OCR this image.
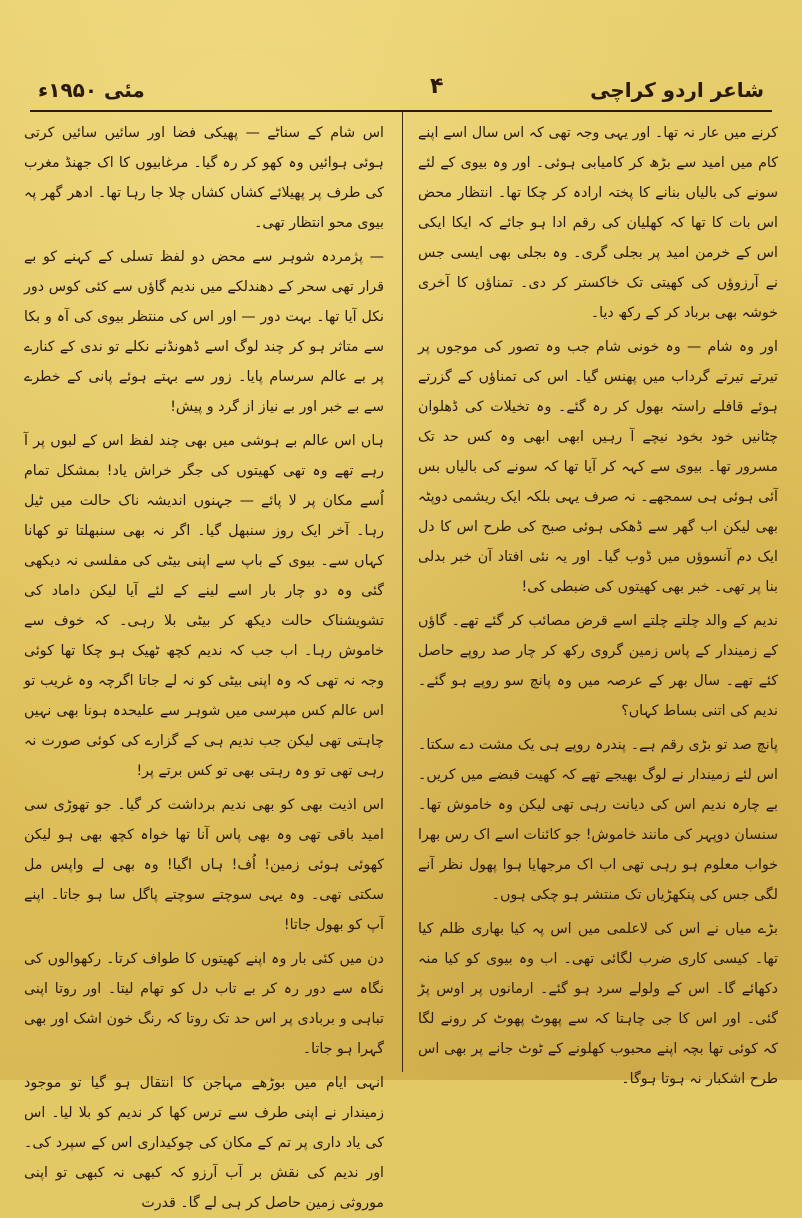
مئی ۱۹۵۰ء	۴	شاعر اردو کراچی

کرنے میں عار نہ تھا۔ اور یہی وجہ تھی کہ اس سال اسے اپنے کام میں امید سے بڑھ کر کامیابی ہوئی۔ اور وہ بیوی کے لئے سونے کی بالیاں بنانے کا پختہ ارادہ کر چکا تھا۔ انتظار محض اس بات کا تھا کہ کھلیان کی رقم ادا ہو جائے کہ ایکا ایکی اس کے خرمن امید پر بجلی گری۔ وہ بجلی بھی ایسی جس نے آرزوؤں کی کھیتی تک خاکستر کر دی۔ تمناؤں کا آخری خوشہ بھی برباد کر کے رکھ دیا۔

اور وہ شام — وہ خونی شام جب وہ تصور کی موجوں پر تیرتے تیرتے گرداب میں پھنس گیا۔ اس کی تمناؤں کے گزرتے ہوئے قافلے راستہ بھول کر رہ گئے۔ وہ تخیلات کی ڈھلوان چٹانیں خود بخود نیچے آ رہیں ابھی ابھی وہ کس حد تک مسرور تھا۔ بیوی سے کہہ کر آیا تھا کہ سونے کی بالیاں بس آئی ہوئی ہی سمجھے۔ نہ صرف یہی بلکہ ایک ریشمی دوپٹہ بھی لیکن اب گھر سے ڈھکی ہوئی صبح کی طرح اس کا دل ایک دم آنسوؤں میں ڈوب گیا۔ اور یہ نئی افتاد آن خبر بدلی بنا پر تھی۔ خبر بھی کھیتوں کی ضبطی کی!

ندیم کے والد چلتے چلتے اسے قرض مصائب کر گئے تھے۔ گاؤں کے زمیندار کے پاس زمین گروی رکھ کر چار صد روپے حاصل کئے تھے۔ سال بھر کے عرصہ میں وہ پانچ سو روپے ہو گئے۔ ندیم کی اتنی بساط کہاں؟

پانچ صد تو بڑی رقم ہے۔ پندرہ روپے ہی یک مشت دے سکتا۔ اس لئے زمیندار نے لوگ بھیجے تھے کہ کھیت قبضے میں کریں۔ بے چارہ ندیم اس کی دیانت رہی تھی لیکن وہ خاموش تھا۔ سنسان دوپہر کی مانند خاموش! جو کائنات اسے اک رس بھرا خواب معلوم ہو رہی تھی اب اک مرجھایا ہوا پھول نظر آنے لگی جس کی پنکھڑیاں تک منتشر ہو چکی ہوں۔

بڑے میاں نے اس کی لاعلمی میں اس پہ کیا بھاری ظلم کیا تھا۔ کیسی کاری ضرب لگائی تھی۔ اب وہ بیوی کو کیا منہ دکھائے گا۔ اس کے ولولے سرد ہو گئے۔ ارمانوں پر اوس پڑ گئی۔ اور اس کا جی چاہتا کہ سے پھوٹ پھوٹ کر رونے لگا کہ کوئی تھا بچہ اپنے محبوب کھلونے کے ٹوٹ جانے پر بھی اس طرح اشکبار نہ ہوتا ہوگا۔

اس شام کے سناٹے — پھیکی فضا اور سائیں سائیں کرتی ہوئی ہوائیں وہ کھو کر رہ گیا۔ مرغابیوں کا اک جھنڈ مغرب کی طرف پر پھیلائے کشاں کشاں چلا جا رہا تھا۔ ادھر گھر پہ بیوی محو انتظار تھی۔

— پژمردہ شوہر سے محض دو لفظ تسلی کے کہنے کو بے قرار تھی سحر کے دھندلکے میں ندیم گاؤں سے کئی کوس دور نکل آیا تھا۔ بہت دور — اور اس کی منتظر بیوی کی آہ و بکا سے متاثر ہو کر چند لوگ اسے ڈھونڈنے نکلے تو ندی کے کنارے پر بے عالم سرسام پایا۔ زور سے بہتے ہوئے پانی کے خطرے سے بے خبر اور بے نیاز از گرد و پیش!

ہاں اس عالم بے ہوشی میں بھی چند لفظ اس کے لبوں پر آ رہے تھے وہ تھی کھیتوں کی جگر خراش یاد! بمشکل تمام اُسے مکان پر لا پائے — جہنوں اندیشہ ناک حالت میں ٹیل رہا۔ آخر ایک روز سنبھل گیا۔ اگر نہ بھی سنبھلتا تو کھانا کہاں سے۔ بیوی کے باپ سے اپنی بیٹی کی مفلسی نہ دیکھی گئی وہ دو چار بار اسے لینے کے لئے آیا لیکن داماد کی تشویشناک حالت دیکھ کر بیٹی بلا رہی۔ کہ خوف سے خاموش رہا۔ اب جب کہ ندیم کچھ ٹھیک ہو چکا تھا کوئی وجہ نہ تھی کہ وہ اپنی بیٹی کو نہ لے جاتا اگرچہ وہ غریب تو اس عالم کس مپرسی میں شوہر سے علیحدہ ہونا بھی نہیں چاہتی تھی لیکن جب ندیم ہی کے گزارے کی کوئی صورت نہ رہی تھی تو وہ رہتی بھی تو کس برتے پر!

اس اذیت بھی کو بھی ندیم برداشت کر گیا۔ جو تھوڑی سی امید باقی تھی وہ بھی پاس آنا تھا خواہ کچھ بھی ہو لیکن کھوئی ہوئی زمین! اُف! ہاں اگیا! وہ بھی لے واپس مل سکتی تھی۔ وہ یہی سوچتے سوچتے پاگل سا ہو جاتا۔ اپنے آپ کو بھول جاتا!

دن میں کئی بار وہ اپنے کھیتوں کا طواف کرتا۔ رکھوالوں کی نگاہ سے دور رہ کر بے تاب دل کو تھام لیتا۔ اور روتا اپنی تباہی و بربادی پر اس حد تک روتا کہ رنگ خون اشک اور بھی گہرا ہو جاتا۔

انہی ایام میں بوڑھے مہاجن کا انتقال ہو گیا تو موجود زمیندار نے اپنی طرف سے ترس کھا کر ندیم کو بلا لیا۔ اس کی یاد داری پر تم کے مکان کی چوکیداری اس کے سپرد کی۔ اور ندیم کی نقش بر آب آرزو کہ کبھی نہ کبھی تو اپنی موروثی زمین حاصل کر ہی لے گا۔ قدرت
